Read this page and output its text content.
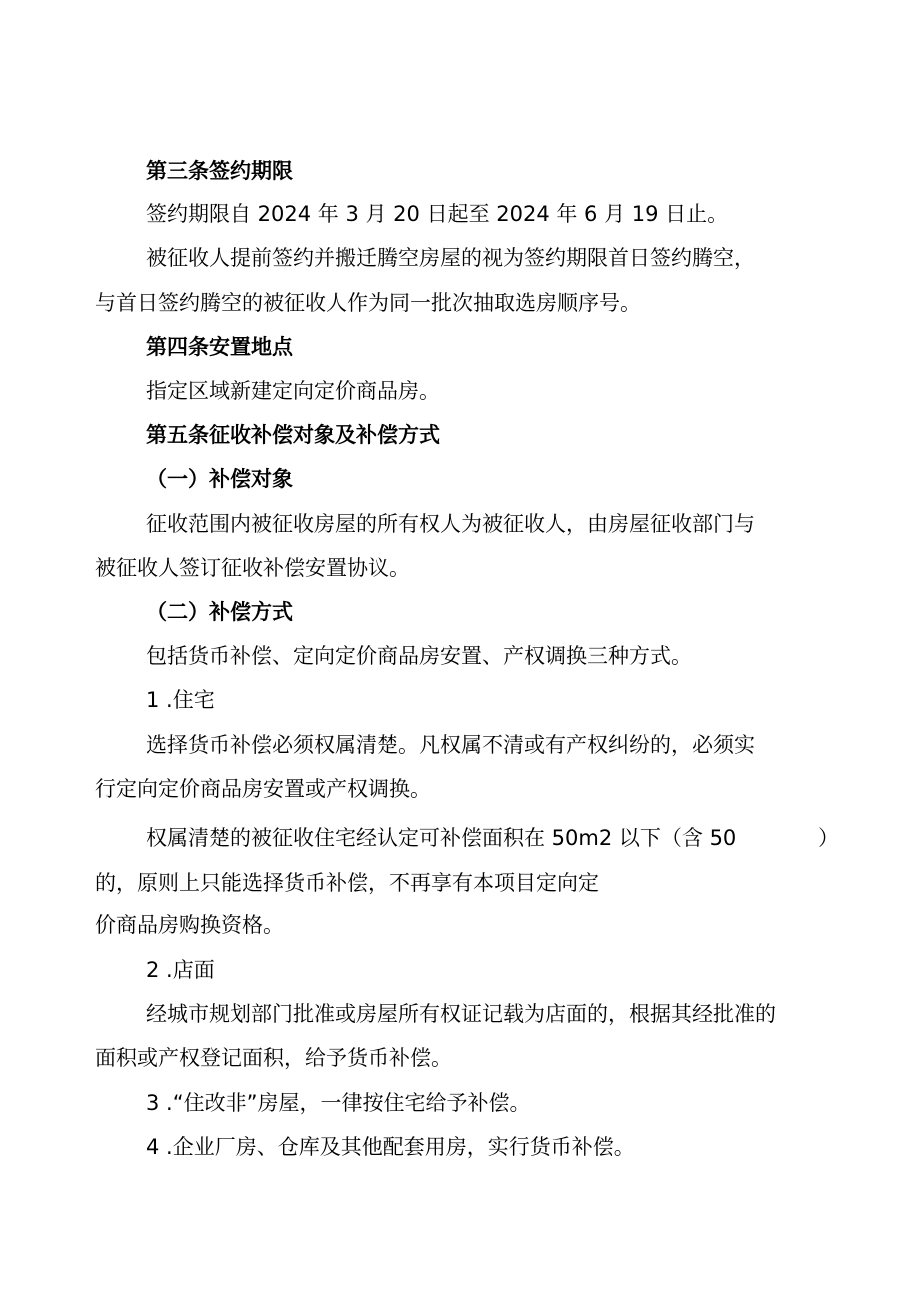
第三条签约期限

签约期限自 2024 年 3 月 20 日起至 2024 年 6 月 19 日止。

被征收人提前签约并搬迁腾空房屋的视为签约期限首日签约腾空，

与首日签约腾空的被征收人作为同一批次抽取选房顺序号。

第四条安置地点

指定区域新建定向定价商品房。

第五条征收补偿对象及补偿方式

（一）补偿对象

征收范围内被征收房屋的所有权人为被征收人，由房屋征收部门与

被征收人签订征收补偿安置协议。

（二）补偿方式

包括货币补偿、定向定价商品房安置、产权调换三种方式。

1 .住宅

选择货币补偿必须权属清楚。凡权属不清或有产权纠纷的，必须实

行定向定价商品房安置或产权调换。

权属清楚的被征收住宅经认定可补偿面积在 50m2 以下（含 50	）

的，原则上只能选择货币补偿，不再享有本项目定向定

价商品房购换资格。

2 .店面

经城市规划部门批准或房屋所有权证记载为店面的，根据其经批准的

面积或产权登记面积，给予货币补偿。

3 .“住改非”房屋，一律按住宅给予补偿。

4 .企业厂房、仓库及其他配套用房，实行货币补偿。
